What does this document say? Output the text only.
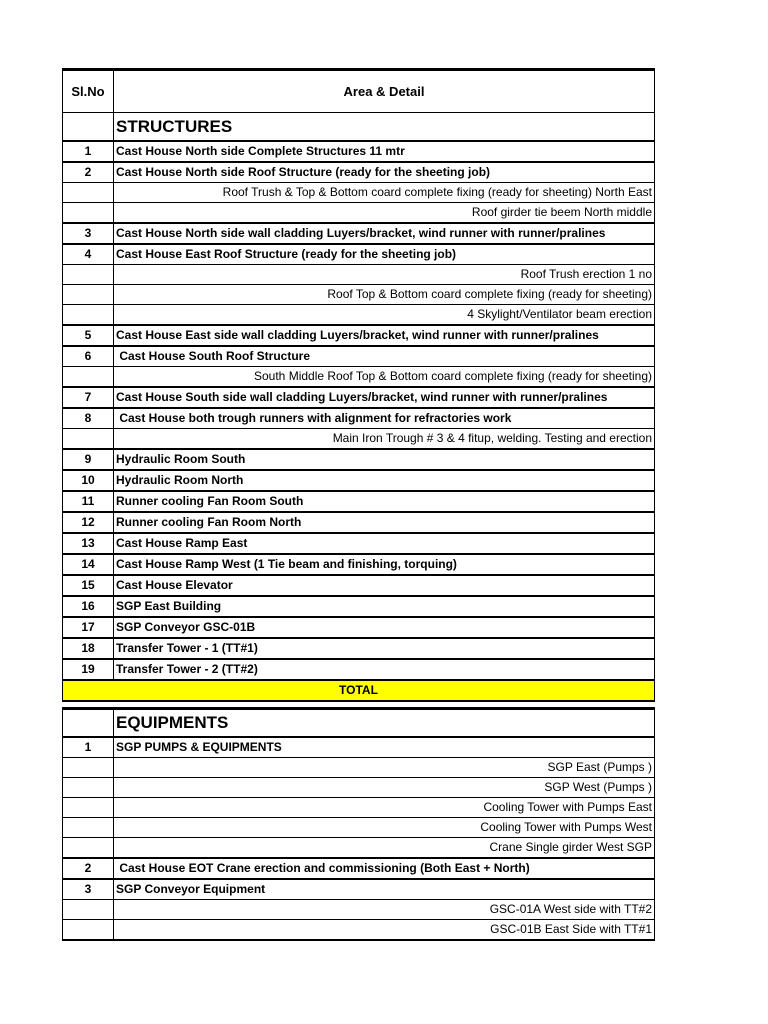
Sl.No	Area & Detail
	STRUCTURES
1	Cast House North side Complete Structures 11 mtr
2	Cast House North side Roof Structure (ready for the sheeting job)
	Roof Trush & Top & Bottom coard complete fixing (ready for sheeting) North East
	Roof girder tie beem North middle
3	Cast House North side wall cladding Luyers/bracket, wind runner with runner/pralines
4	Cast House East Roof Structure (ready for the sheeting job)
	Roof Trush erection 1 no
	Roof Top & Bottom coard complete fixing (ready for sheeting)
	4 Skylight/Ventilator beam erection
5	Cast House East side wall cladding Luyers/bracket, wind runner with runner/pralines
6	Cast House South Roof Structure
	South Middle Roof Top & Bottom coard complete fixing (ready for sheeting)
7	Cast House South side wall cladding Luyers/bracket, wind runner with runner/pralines
8	Cast House both trough runners with alignment for refractories work
	Main Iron Trough # 3 & 4 fitup, welding. Testing and erection
9	Hydraulic Room South
10	Hydraulic Room North
11	Runner cooling Fan Room South
12	Runner cooling Fan Room North
13	Cast House Ramp East
14	Cast House Ramp West (1 Tie beam and finishing, torquing)
15	Cast House Elevator
16	SGP East Building
17	SGP Conveyor GSC-01B
18	Transfer Tower - 1 (TT#1)
19	Transfer Tower - 2 (TT#2)
TOTAL	
	EQUIPMENTS
1	SGP PUMPS & EQUIPMENTS
	SGP East (Pumps )
	SGP West (Pumps )
	Cooling Tower with Pumps East
	Cooling Tower with Pumps West
	Crane Single girder West SGP
2	Cast House EOT Crane erection and commissioning (Both East + North)
3	SGP Conveyor Equipment
	GSC-01A West side with TT#2
	GSC-01B East Side with TT#1
